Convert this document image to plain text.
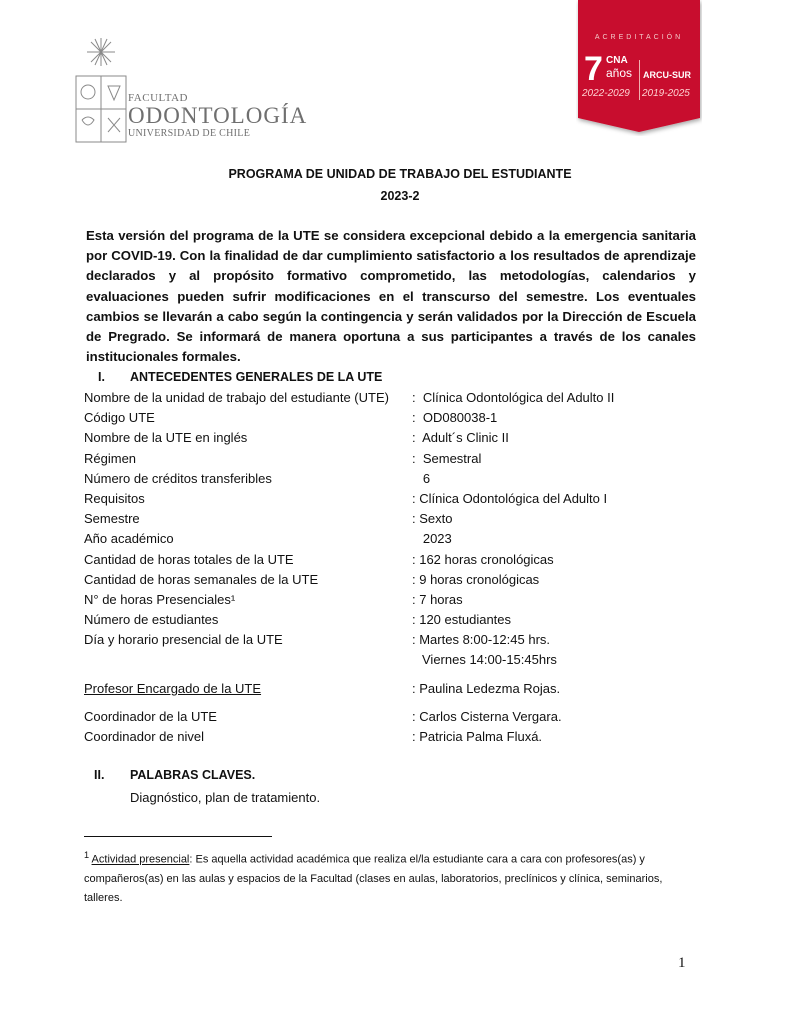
FACULTAD
ODONTOLOGÍA
UNIVERSIDAD DE CHILE
ACREDITACIÓN
7 CNA
años
2022-2029
ARCU-SUR
2019-2025
PROGRAMA DE UNIDAD DE TRABAJO DEL ESTUDIANTE
2023-2
Esta versión del programa de la UTE se considera excepcional debido a la emergencia sanitaria por COVID-19. Con la finalidad de dar cumplimiento satisfactorio a los resultados de aprendizaje declarados y al propósito formativo comprometido, las metodologías, calendarios y evaluaciones pueden sufrir modificaciones en el transcurso del semestre. Los eventuales cambios se llevarán a cabo según la contingencia y serán validados por la Dirección de Escuela de Pregrado. Se informará de manera oportuna a sus participantes a través de los canales institucionales formales.
I. ANTECEDENTES GENERALES DE LA UTE
Nombre de la unidad de trabajo del estudiante (UTE) :  Clínica Odontológica del Adulto II
Código UTE	:  OD080038-1
Nombre de la UTE en inglés	:  Adult´s Clinic II
Régimen	:  Semestral
Número de créditos transferibles	6
Requisitos	: Clínica Odontológica del Adulto I
Semestre	: Sexto
Año académico	2023
Cantidad de horas totales de la UTE	: 162 horas cronológicas
Cantidad de horas semanales de la UTE	: 9 horas cronológicas
N° de horas Presenciales¹	: 7 horas
Número de estudiantes	: 120 estudiantes
Día y horario presencial de la UTE	: Martes 8:00-12:45 hrs.
Viernes 14:00-15:45hrs
Profesor Encargado de la UTE	: Paulina Ledezma Rojas.
Coordinador de la UTE	: Carlos Cisterna Vergara.
Coordinador de nivel	: Patricia Palma Fluxá.
II. PALABRAS CLAVES.
Diagnóstico, plan de tratamiento.
$^1$ Actividad presencial: Es aquella actividad académica que realiza el/la estudiante cara a cara con profesores(as) y compañeros(as) en las aulas y espacios de la Facultad (clases en aulas, laboratorios, preclínicos y clínica, seminarios, talleres.
1
